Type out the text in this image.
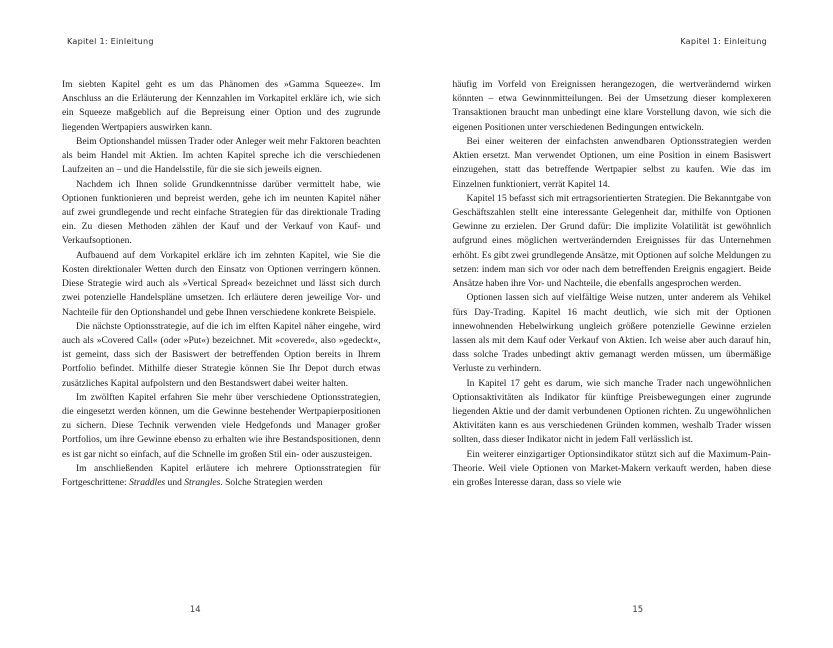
Kapitel 1: Einleitung

Im siebten Kapitel geht es um das Phänomen des »Gamma Squeeze«. Im Anschluss an die Erläuterung der Kennzahlen im Vorkapitel erkläre ich, wie sich ein Squeeze maßgeblich auf die Bepreisung einer Option und des zugrunde liegenden Wertpapiers auswirken kann.

Beim Optionshandel müssen Trader oder Anleger weit mehr Faktoren beachten als beim Handel mit Aktien. Im achten Kapitel spreche ich die verschiedenen Laufzeiten an – und die Handelsstile, für die sie sich jeweils eignen.

Nachdem ich Ihnen solide Grundkenntnisse darüber vermittelt habe, wie Optionen funktionieren und bepreist werden, gehe ich im neunten Kapitel näher auf zwei grundlegende und recht einfache Strategien für das direktionale Trading ein. Zu diesen Methoden zählen der Kauf und der Verkauf von Kauf- und Verkaufsoptionen.

Aufbauend auf dem Vorkapitel erkläre ich im zehnten Kapitel, wie Sie die Kosten direktionaler Wetten durch den Einsatz von Optionen verringern können. Diese Strategie wird auch als »Vertical Spread« bezeichnet und lässt sich durch zwei potenzielle Handelspläne umsetzen. Ich erläutere deren jeweilige Vor- und Nachteile für den Optionshandel und gebe Ihnen verschiedene konkrete Beispiele.

Die nächste Optionsstrategie, auf die ich im elften Kapitel näher eingehe, wird auch als »Covered Call« (oder »Put«) bezeichnet. Mit »covered«, also »gedeckt«, ist gemeint, dass sich der Basiswert der betreffenden Option bereits in Ihrem Portfolio befindet. Mithilfe dieser Strategie können Sie Ihr Depot durch etwas zusätzliches Kapital aufpolstern und den Bestandswert dabei weiter halten.

Im zwölften Kapitel erfahren Sie mehr über verschiedene Optionsstrategien, die eingesetzt werden können, um die Gewinne bestehender Wertpapierpositionen zu sichern. Diese Technik verwenden viele Hedgefonds und Manager großer Portfolios, um ihre Gewinne ebenso zu erhalten wie ihre Bestandspositionen, denn es ist gar nicht so einfach, auf die Schnelle im großen Stil ein- oder auszusteigen.

Im anschließenden Kapitel erläutere ich mehrere Optionsstrategien für Fortgeschrittene: Straddles und Strangles. Solche Strategien werden

14
Kapitel 1: Einleitung

häufig im Vorfeld von Ereignissen herangezogen, die wertverändernd wirken könnten – etwa Gewinnmitteilungen. Bei der Umsetzung dieser komplexeren Transaktionen braucht man unbedingt eine klare Vorstellung davon, wie sich die eigenen Positionen unter verschiedenen Bedingungen entwickeln.

Bei einer weiteren der einfachsten anwendbaren Optionsstrategien werden Aktien ersetzt. Man verwendet Optionen, um eine Position in einem Basiswert einzugehen, statt das betreffende Wertpapier selbst zu kaufen. Wie das im Einzelnen funktioniert, verrät Kapitel 14.

Kapitel 15 befasst sich mit ertragsorientierten Strategien. Die Bekanntgabe von Geschäftszahlen stellt eine interessante Gelegenheit dar, mithilfe von Optionen Gewinne zu erzielen. Der Grund dafür: Die implizite Volatilität ist gewöhnlich aufgrund eines möglichen wertverändernden Ereignisses für das Unternehmen erhöht. Es gibt zwei grundlegende Ansätze, mit Optionen auf solche Meldungen zu setzen: indem man sich vor oder nach dem betreffenden Ereignis engagiert. Beide Ansätze haben ihre Vor- und Nachteile, die ebenfalls angesprochen werden.

Optionen lassen sich auf vielfältige Weise nutzen, unter anderem als Vehikel fürs Day-Trading. Kapitel 16 macht deutlich, wie sich mit der Optionen innewohnenden Hebelwirkung ungleich größere potenzielle Gewinne erzielen lassen als mit dem Kauf oder Verkauf von Aktien. Ich weise aber auch darauf hin, dass solche Trades unbedingt aktiv gemanagt werden müssen, um übermäßige Verluste zu verhindern.

In Kapitel 17 geht es darum, wie sich manche Trader nach ungewöhnlichen Optionsaktivitäten als Indikator für künftige Preisbewegungen einer zugrunde liegenden Aktie und der damit verbundenen Optionen richten. Zu ungewöhnlichen Aktivitäten kann es aus verschiedenen Gründen kommen, weshalb Trader wissen sollten, dass dieser Indikator nicht in jedem Fall verlässlich ist.

Ein weiterer einzigartiger Optionsindikator stützt sich auf die Maximum-Pain-Theorie. Weil viele Optionen von Market-Makern verkauft werden, haben diese ein großes Interesse daran, dass so viele wie

15
